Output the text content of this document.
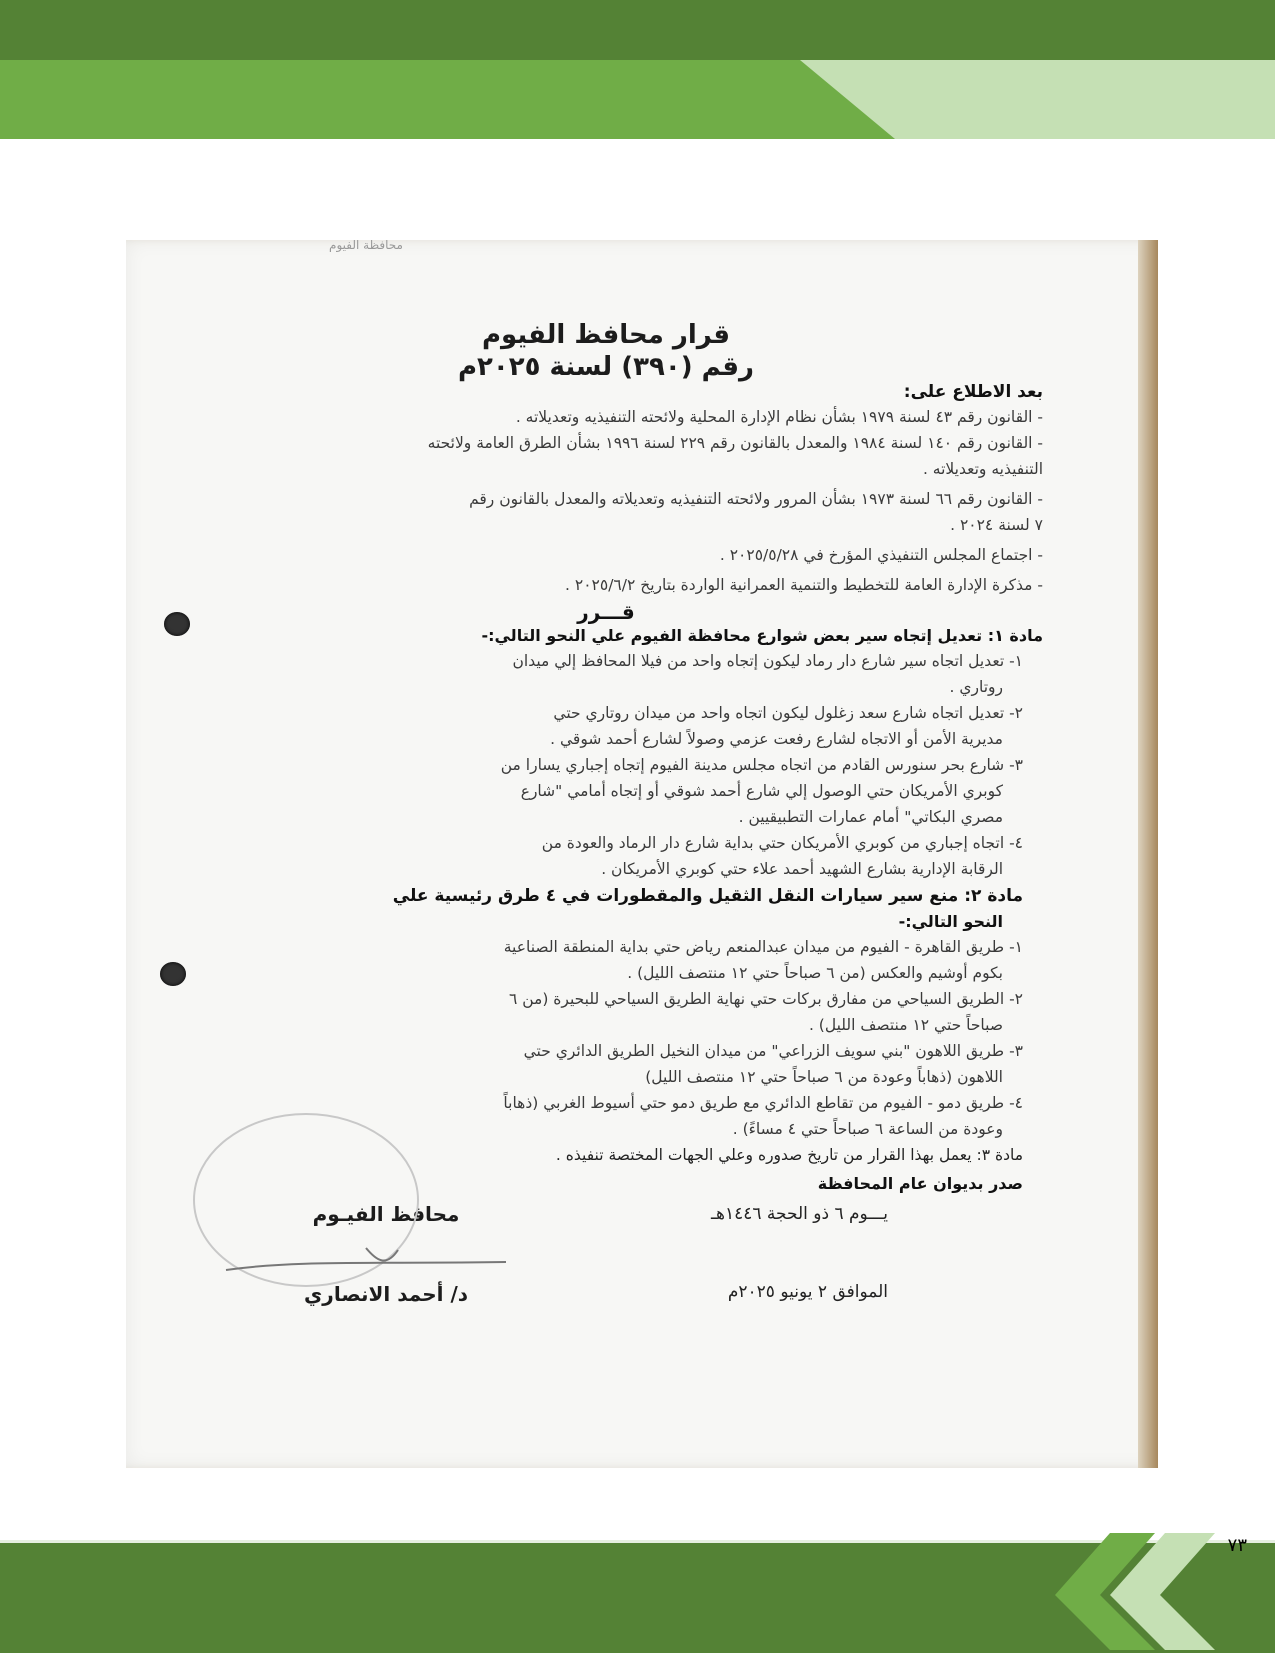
محافظة الفيوم
قرار محافظ الفيوم
رقم (٣٩٠) لسنة ٢٠٢٥م
بعد الاطلاع على:
- القانون رقم ٤٣ لسنة ١٩٧٩ بشأن نظام الإدارة المحلية ولائحته التنفيذيه وتعديلاته .
- القانون رقم ١٤٠ لسنة ١٩٨٤ والمعدل بالقانون رقم ٢٢٩ لسنة ١٩٩٦ بشأن الطرق العامة ولائحته
التنفيذيه وتعديلاته .
- القانون رقم ٦٦ لسنة ١٩٧٣ بشأن المرور ولائحته التنفيذيه وتعديلاته والمعدل بالقانون رقم
٧ لسنة ٢٠٢٤ .
- اجتماع المجلس التنفيذي المؤرخ في ٢٠٢٥/٥/٢٨ .
- مذكرة الإدارة العامة للتخطيط والتنمية العمرانية الواردة بتاريخ ٢٠٢٥/٦/٢ .
قـــرر
مادة ١: تعديل إتجاه سير بعض شوارع محافظة الفيوم علي النحو التالي:-
١- تعديل اتجاه سير شارع دار رماد ليكون إتجاه واحد من فيلا المحافظ إلي ميدان
روتاري .
٢- تعديل اتجاه شارع سعد زغلول ليكون اتجاه واحد من ميدان روتاري حتي
مديرية الأمن أو الاتجاه لشارع رفعت عزمي وصولاً لشارع أحمد شوقي .
٣- شارع بحر سنورس القادم من اتجاه مجلس مدينة الفيوم إتجاه إجباري يسارا من
كوبري الأمريكان حتي الوصول إلي شارع أحمد شوقي أو إتجاه أمامي "شارع
مصري البكاتي" أمام عمارات التطبيقيين .
٤- اتجاه إجباري من كوبري الأمريكان حتي بداية شارع دار الرماد والعودة من
الرقابة الإدارية بشارع الشهيد أحمد علاء حتي كوبري الأمريكان .
مادة ٢: منع سير سيارات النقل الثقيل والمقطورات في ٤ طرق رئيسية علي
النحو التالي:-
١- طريق القاهرة - الفيوم من ميدان عبدالمنعم رياض حتي بداية المنطقة الصناعية
بكوم أوشيم والعكس (من ٦ صباحاً حتي ١٢ منتصف الليل) .
٢- الطريق السياحي من مفارق بركات حتي نهاية الطريق السياحي للبحيرة (من ٦
صباحاً حتي ١٢ منتصف الليل) .
٣- طريق اللاهون "بني سويف الزراعي" من ميدان النخيل الطريق الدائري حتي
اللاهون (ذهاباً وعودة من ٦ صباحاً حتي ١٢ منتصف الليل)
٤- طريق دمو - الفيوم من تقاطع الدائري مع طريق دمو حتي أسيوط الغربي (ذهاباً
وعودة من الساعة ٦ صباحاً حتي ٤ مساءً) .
مادة ٣: يعمل بهذا القرار من تاريخ صدوره وعلي الجهات المختصة تنفيذه .
صدر بديوان عام المحافظة
يـــوم ٦ ذو الحجة ١٤٤٦هـ
الموافق ٢ يونيو ٢٠٢٥م
محافظ الفيـوم
د/ أحمد الانصاري
٧٣
